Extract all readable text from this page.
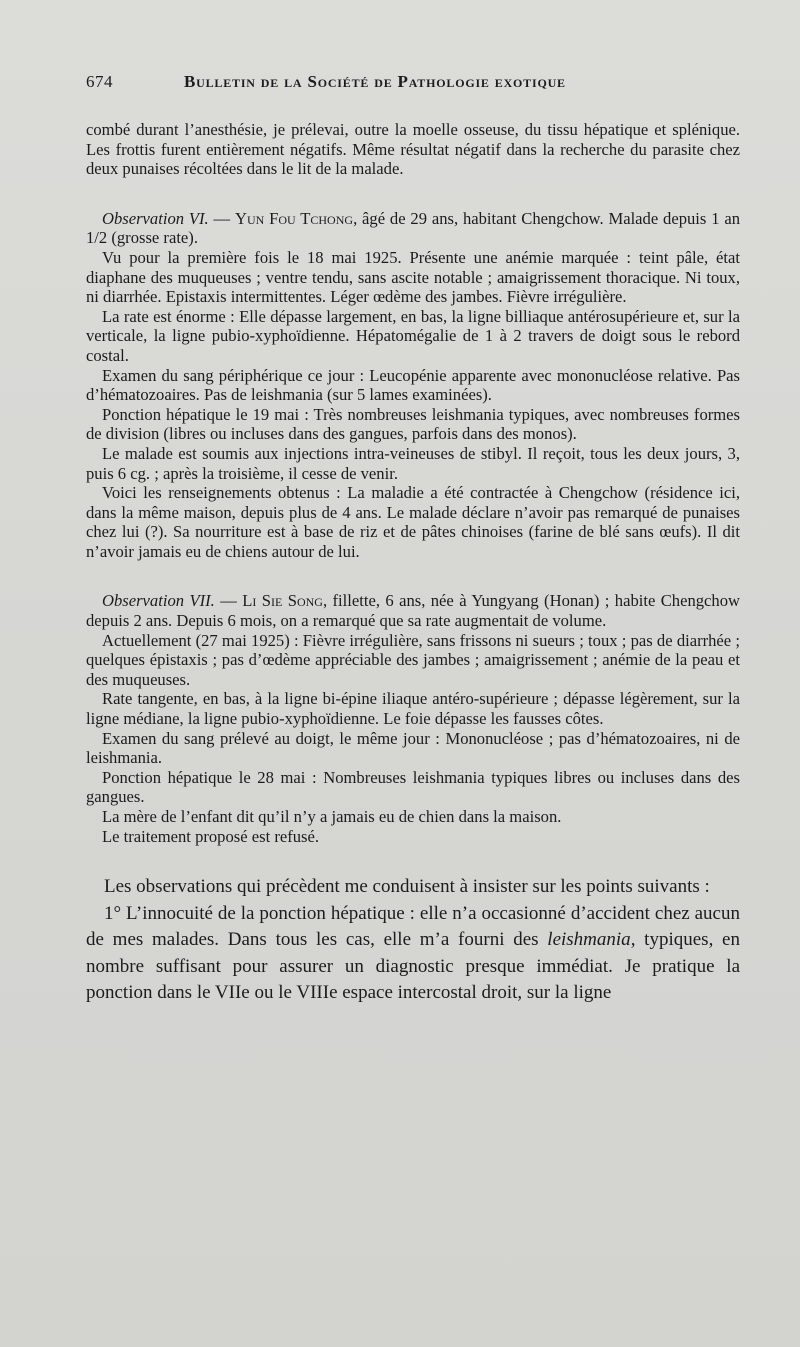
674	Bulletin de la Société de Pathologie exotique

combé durant l’anesthésie, je prélevai, outre la moelle osseuse, du tissu hépatique et splénique. Les frottis furent entièrement négatifs. Même résultat négatif dans la recherche du parasite chez deux punaises récoltées dans le lit de la malade.

Observation VI. — Yun Fou Tchong, âgé de 29 ans, habitant Chengchow. Malade depuis 1 an 1/2 (grosse rate).

Vu pour la première fois le 18 mai 1925. Présente une anémie marquée : teint pâle, état diaphane des muqueuses ; ventre tendu, sans ascite notable ; amaigrissement thoracique. Ni toux, ni diarrhée. Epistaxis intermittentes. Léger œdème des jambes. Fièvre irrégulière.

La rate est énorme : Elle dépasse largement, en bas, la ligne billiaque antérosupérieure et, sur la verticale, la ligne pubio-xyphoïdienne. Hépatomégalie de 1 à 2 travers de doigt sous le rebord costal.

Examen du sang périphérique ce jour : Leucopénie apparente avec mononucléose relative. Pas d’hématozoaires. Pas de leishmania (sur 5 lames examinées).

Ponction hépatique le 19 mai : Très nombreuses leishmania typiques, avec nombreuses formes de division (libres ou incluses dans des gangues, parfois dans des monos).

Le malade est soumis aux injections intra-veineuses de stibyl. Il reçoit, tous les deux jours, 3, puis 6 cg. ; après la troisième, il cesse de venir.

Voici les renseignements obtenus : La maladie a été contractée à Chengchow (résidence ici, dans la même maison, depuis plus de 4 ans. Le malade déclare n’avoir pas remarqué de punaises chez lui (?). Sa nourriture est à base de riz et de pâtes chinoises (farine de blé sans œufs). Il dit n’avoir jamais eu de chiens autour de lui.

Observation VII. — Li Sie Song, fillette, 6 ans, née à Yungyang (Honan) ; habite Chengchow depuis 2 ans. Depuis 6 mois, on a remarqué que sa rate augmentait de volume.

Actuellement (27 mai 1925) : Fièvre irrégulière, sans frissons ni sueurs ; toux ; pas de diarrhée ; quelques épistaxis ; pas d’œdème appréciable des jambes ; amaigrissement ; anémie de la peau et des muqueuses.

Rate tangente, en bas, à la ligne bi-épine iliaque antéro-supérieure ; dépasse légèrement, sur la ligne médiane, la ligne pubio-xyphoïdienne. Le foie dépasse les fausses côtes.

Examen du sang prélevé au doigt, le même jour : Mononucléose ; pas d’hématozoaires, ni de leishmania.

Ponction hépatique le 28 mai : Nombreuses leishmania typiques libres ou incluses dans des gangues.

La mère de l’enfant dit qu’il n’y a jamais eu de chien dans la maison.

Le traitement proposé est refusé.

Les observations qui précèdent me conduisent à insister sur les points suivants :

1° L’innocuité de la ponction hépatique : elle n’a occasionné d’accident chez aucun de mes malades. Dans tous les cas, elle m’a fourni des leishmania, typiques, en nombre suffisant pour assurer un diagnostic presque immédiat. Je pratique la ponction dans le VIIe ou le VIIIe espace intercostal droit, sur la ligne
